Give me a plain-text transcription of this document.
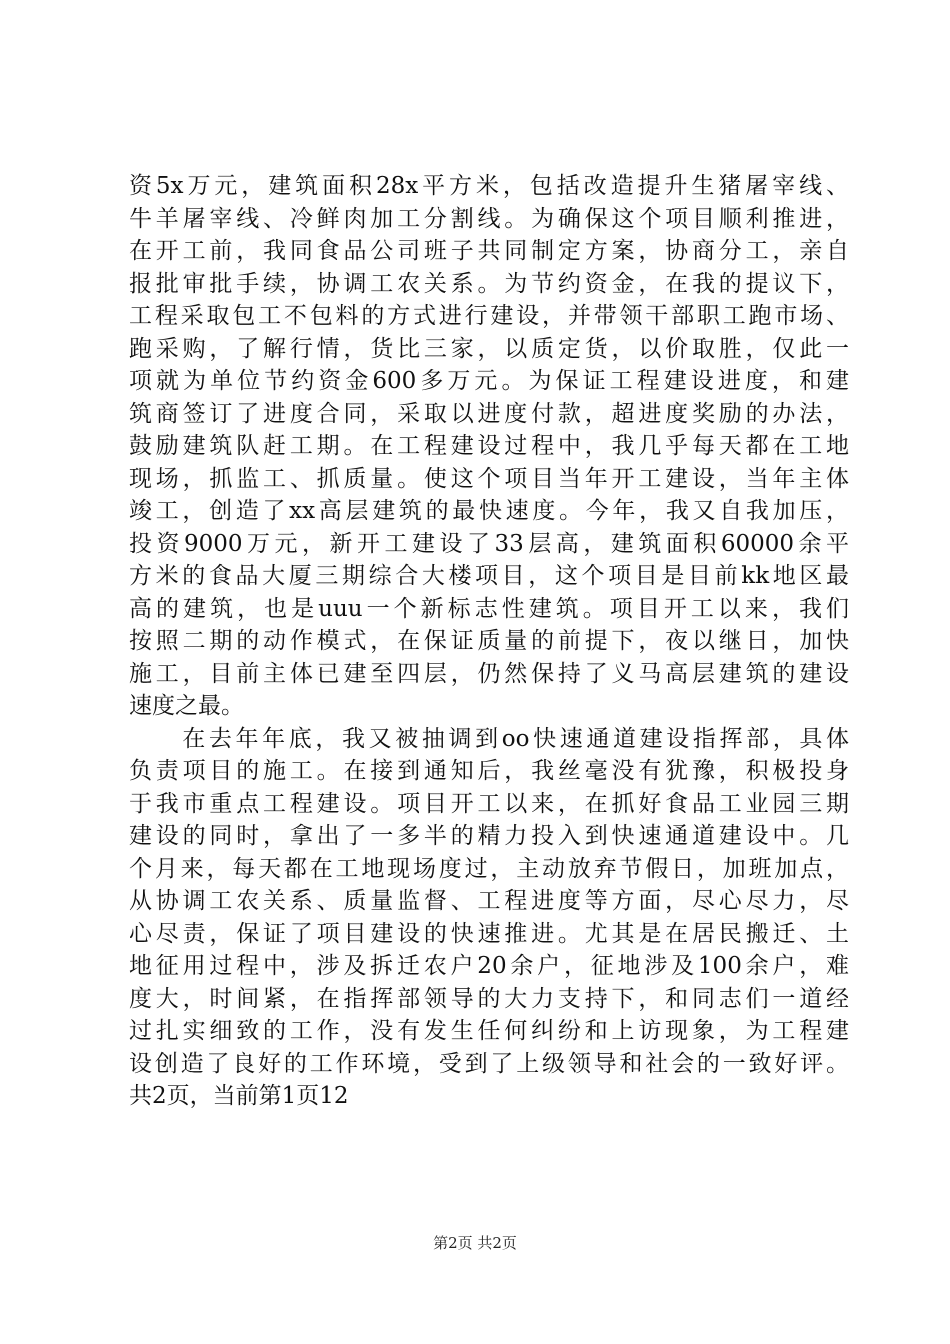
资5x万元，建筑面积28x平方米，包括改造提升生猪屠宰线、
牛羊屠宰线、冷鲜肉加工分割线。为确保这个项目顺利推进，
在开工前，我同食品公司班子共同制定方案，协商分工，亲自
报批审批手续，协调工农关系。为节约资金，在我的提议下，
工程采取包工不包料的方式进行建设，并带领干部职工跑市场、
跑采购，了解行情，货比三家，以质定货，以价取胜，仅此一
项就为单位节约资金600多万元。为保证工程建设进度，和建
筑商签订了进度合同，采取以进度付款，超进度奖励的办法，
鼓励建筑队赶工期。在工程建设过程中，我几乎每天都在工地
现场，抓监工、抓质量。使这个项目当年开工建设，当年主体
竣工，创造了xx高层建筑的最快速度。今年，我又自我加压，
投资9000万元，新开工建设了33层高，建筑面积60000余平
方米的食品大厦三期综合大楼项目，这个项目是目前kk地区最
高的建筑，也是uuu一个新标志性建筑。项目开工以来，我们
按照二期的动作模式，在保证质量的前提下，夜以继日，加快
施工，目前主体已建至四层，仍然保持了义马高层建筑的建设
速度之最。
　　在去年年底，我又被抽调到oo快速通道建设指挥部，具体
负责项目的施工。在接到通知后，我丝毫没有犹豫，积极投身
于我市重点工程建设。项目开工以来，在抓好食品工业园三期
建设的同时，拿出了一多半的精力投入到快速通道建设中。几
个月来，每天都在工地现场度过，主动放弃节假日，加班加点，
从协调工农关系、质量监督、工程进度等方面，尽心尽力，尽
心尽责，保证了项目建设的快速推进。尤其是在居民搬迁、土
地征用过程中，涉及拆迁农户20余户，征地涉及100余户，难
度大，时间紧，在指挥部领导的大力支持下，和同志们一道经
过扎实细致的工作，没有发生任何纠纷和上访现象，为工程建
设创造了良好的工作环境，受到了上级领导和社会的一致好评。
共2页，当前第1页12
第2页 共2页
